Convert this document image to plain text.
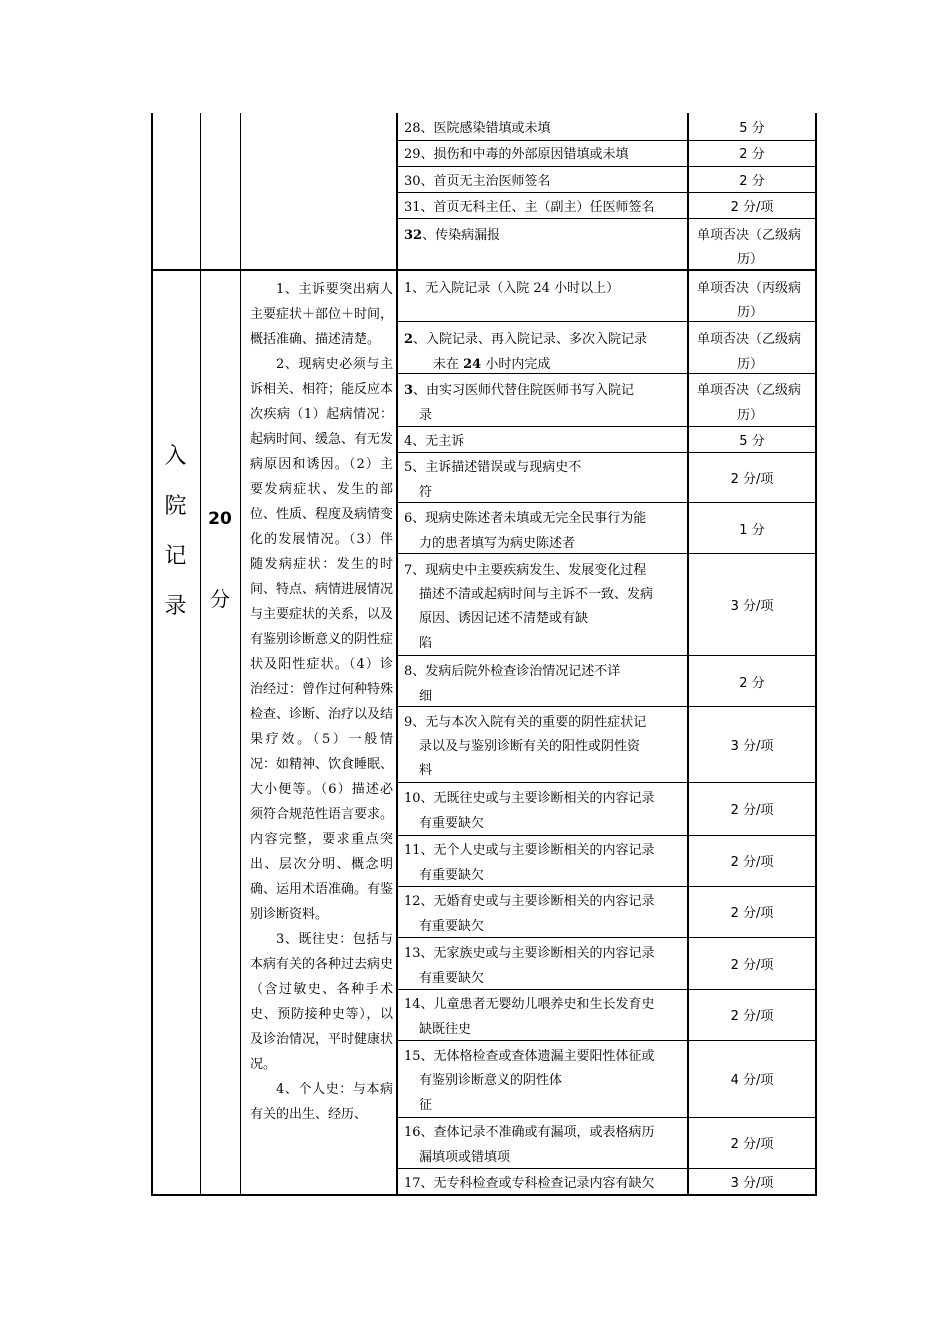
28、医院感染错填或未填	5 分
29、损伤和中毒的外部原因错填或未填	2 分
30、首页无主治医师签名	2 分
31、首页无科主任、主（副主）任医师签名	2 分/项
32、传染病漏报	单项否决（乙级病
历）
入
院
记
录
20
分

1、主诉要突出病人主要症状＋部位＋时间，概括准确、描述清楚。

2、现病史必须与主诉相关、相符；能反应本次疾病（1）起病情况：起病时间、缓急、有无发病原因和诱因。（2）主要发病症状、发生的部位、性质、程度及病情变化的发展情况。（3）伴随发病症状：发生的时间、特点、病情进展情况与主要症状的关系，以及有鉴别诊断意义的阴性症状及阳性症状。（4）诊治经过：曾作过何种特殊检查、诊断、治疗以及结果疗效。（5）一般情况：如精神、饮食睡眠、大小便等。（6）描述必须符合规范性语言要求。内容完整，要求重点突出、层次分明、概念明确、运用术语准确。有鉴别诊断资料。

3、既往史：包括与本病有关的各种过去病史（含过敏史、各种手术史、预防接种史等），以及诊治情况，平时健康状况。

4、个人史：与本病有关的出生、经历、

1、无入院记录（入院 24 小时以上）	单项否决（丙级病
历）
2、入院记录、再入院记录、多次入院记录
未在 24 小时内完成
单项否决（乙级病
历）
3、由实习医师代替住院医师书写入院记
录
单项否决（乙级病
历）
4、无主诉	5 分
5、主诉描述错误或与现病史不
符
2 分/项
6、现病史陈述者未填或无完全民事行为能
力的患者填写为病史陈述者
1 分
7、现病史中主要疾病发生、发展变化过程
描述不清或起病时间与主诉不一致、发病
原因、诱因记述不清楚或有缺
陷
3 分/项
8、发病后院外检查诊治情况记述不详
细
2 分
9、无与本次入院有关的重要的阴性症状记
录以及与鉴别诊断有关的阳性或阴性资
料
3 分/项
10、无既往史或与主要诊断相关的内容记录
有重要缺欠
2 分/项
11、无个人史或与主要诊断相关的内容记录
有重要缺欠
2 分/项
12、无婚育史或与主要诊断相关的内容记录
有重要缺欠
2 分/项
13、无家族史或与主要诊断相关的内容记录
有重要缺欠
2 分/项
14、儿童患者无婴幼儿喂养史和生长发育史
缺既往史
2 分/项
15、无体格检查或查体遗漏主要阳性体征或
有鉴别诊断意义的阴性体
征
4 分/项
16、查体记录不准确或有漏项，或表格病历
漏填项或错填项
2 分/项
17、无专科检查或专科检查记录内容有缺欠	3 分/项
